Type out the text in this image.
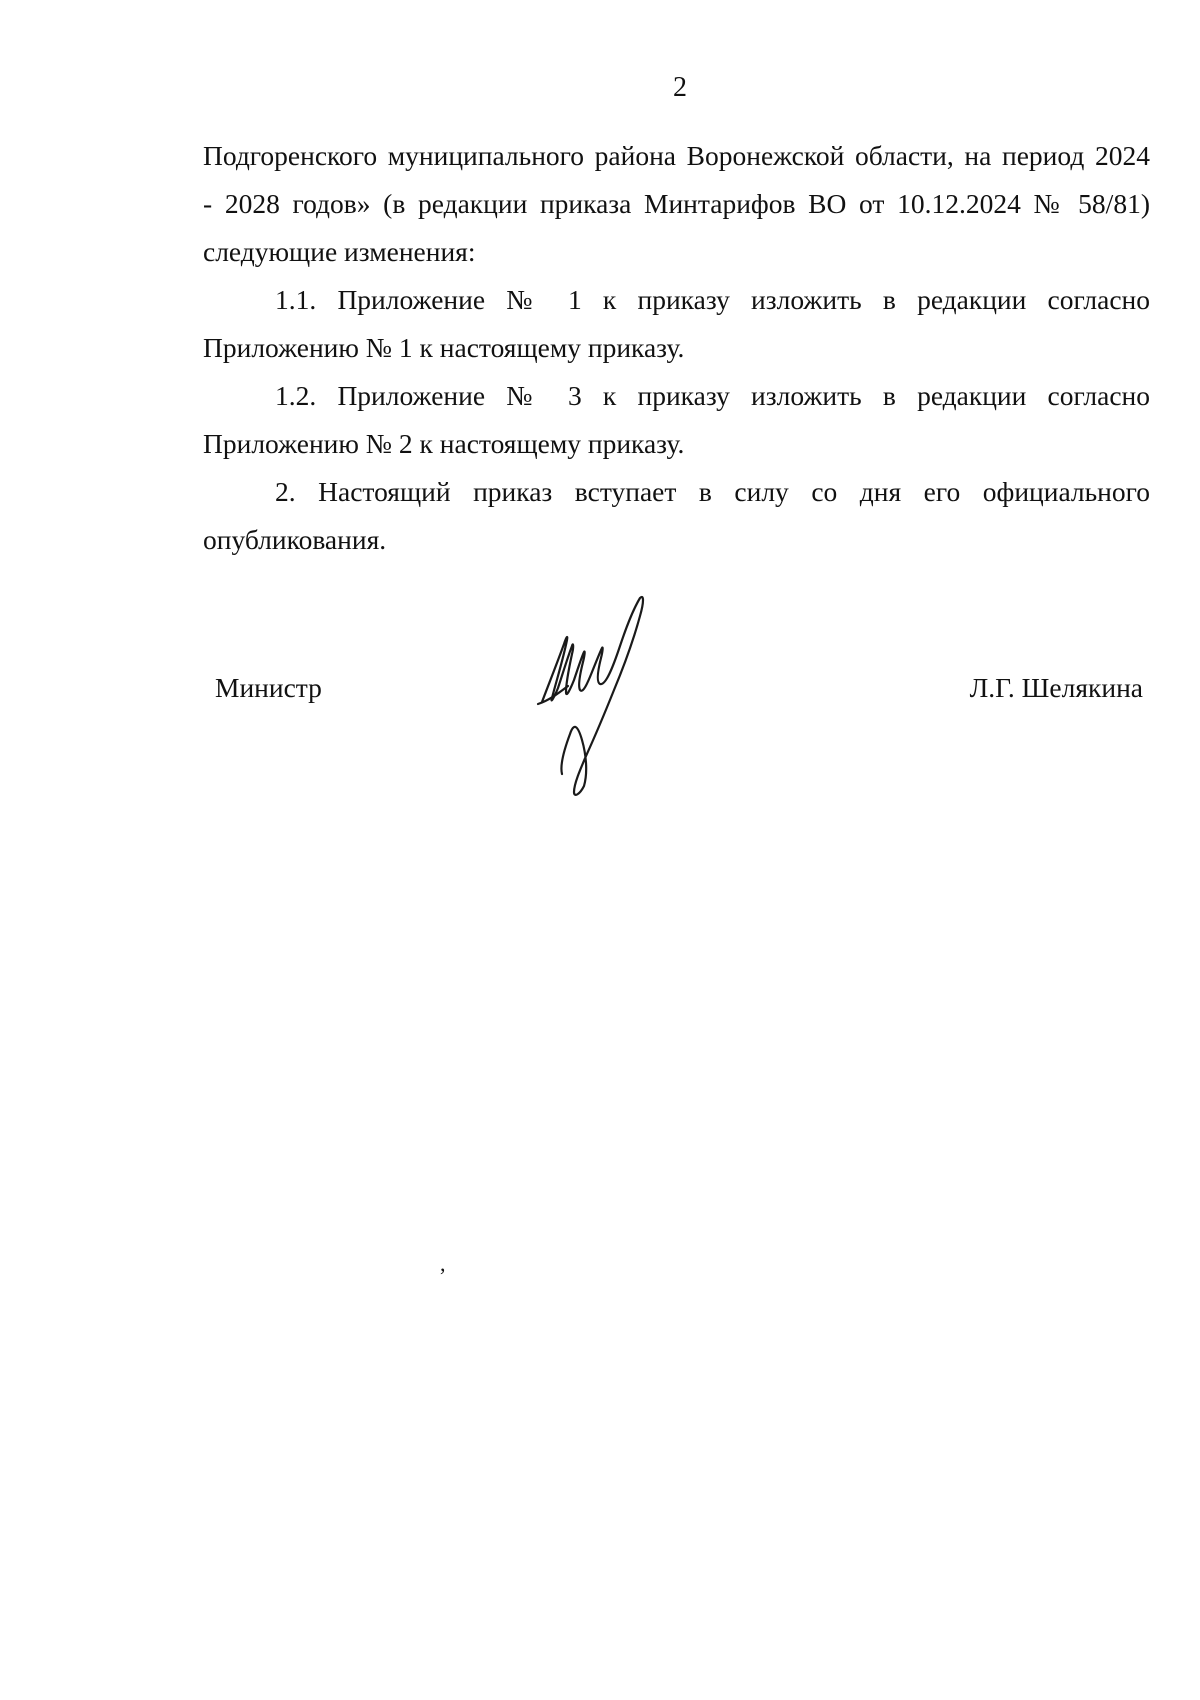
2

Подгоренского муниципального района Воронежской области, на период 2024
- 2028 годов» (в редакции приказа Минтарифов ВО от 10.12.2024 № 58/81)
следующие изменения:

1.1. Приложение № 1 к приказу изложить в редакции согласно
Приложению № 1 к настоящему приказу.

1.2. Приложение № 3 к приказу изложить в редакции согласно
Приложению № 2 к настоящему приказу.

2. Настоящий приказ вступает в силу со дня его официального
опубликования.

Министр	Л.Г. Шелякина
,
